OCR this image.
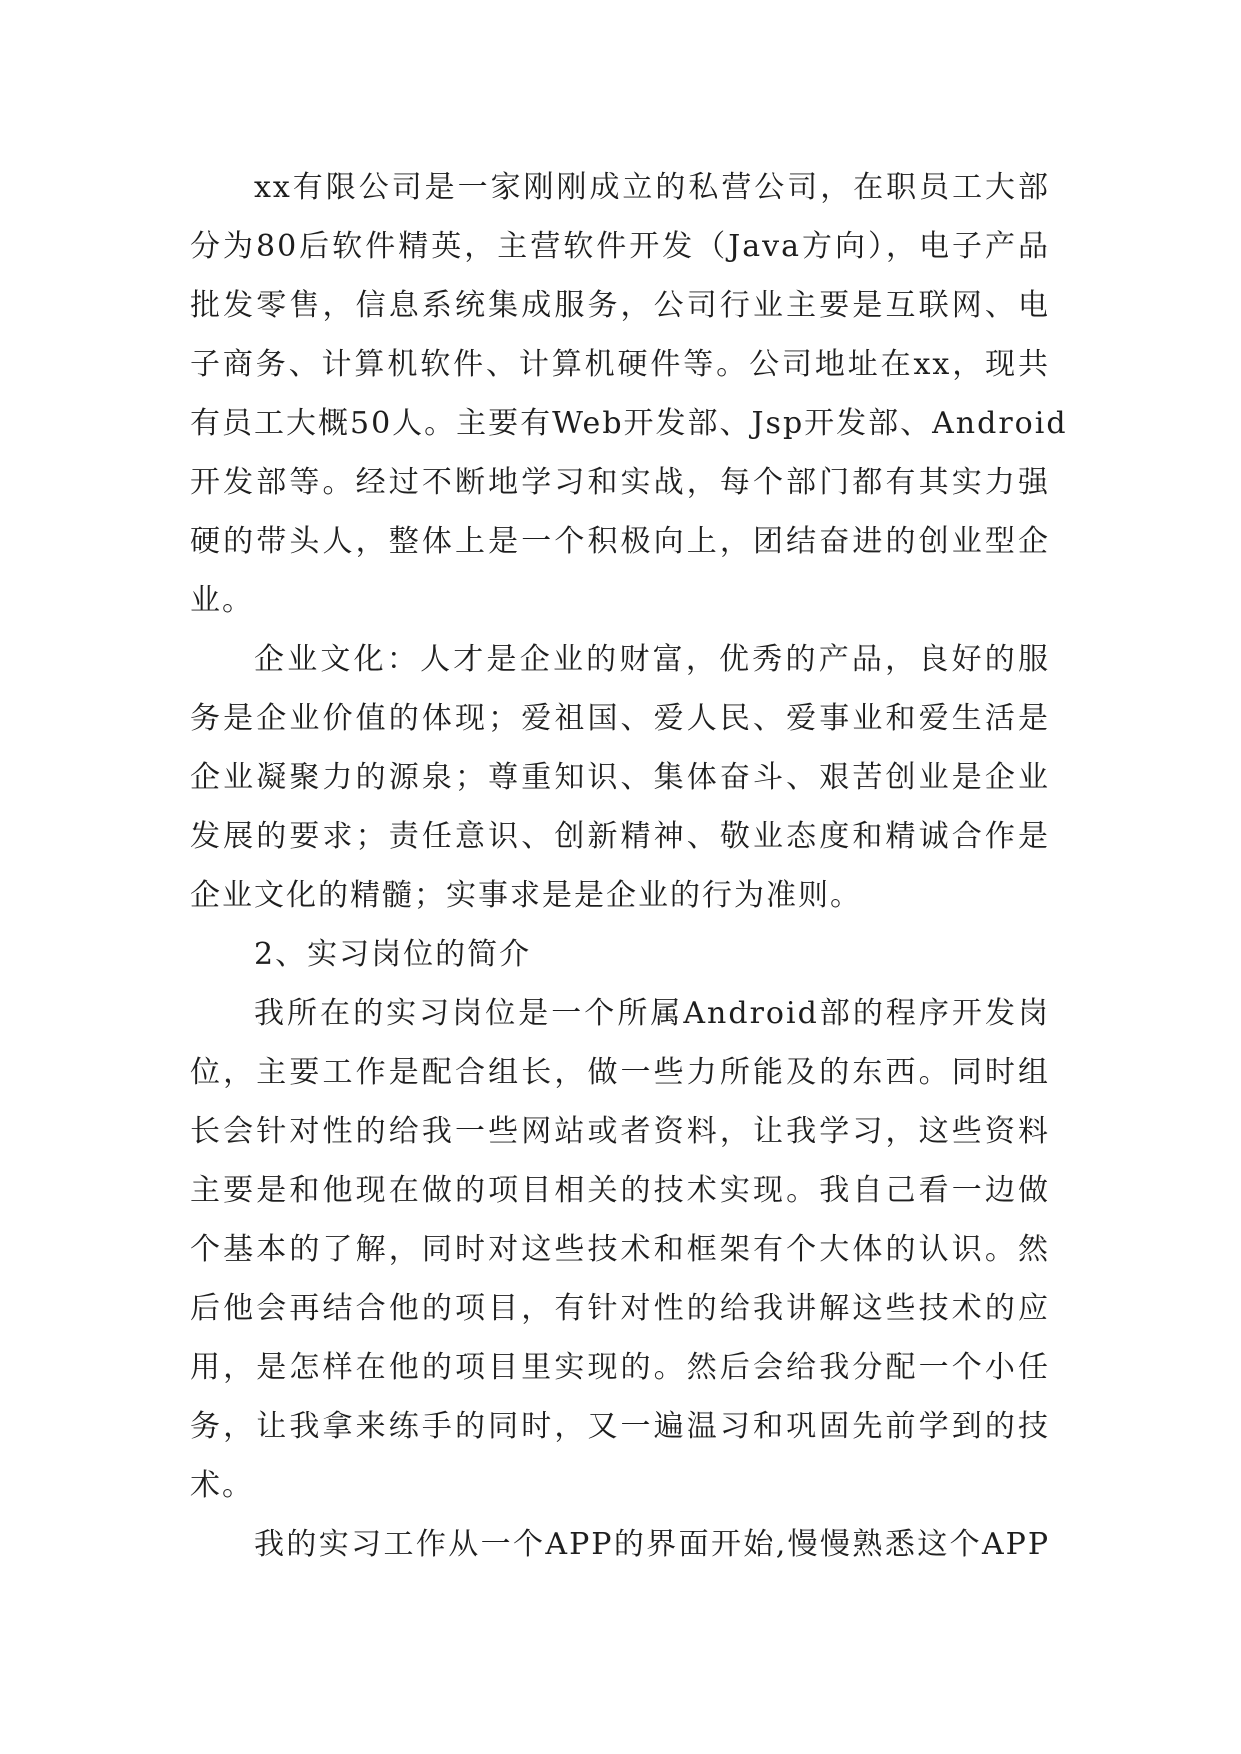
xx有限公司是一家刚刚成立的私营公司，在职员工大部
分为80后软件精英，主营软件开发（Java方向），电子产品
批发零售，信息系统集成服务，公司行业主要是互联网、电
子商务、计算机软件、计算机硬件等。公司地址在xx，现共
有员工大概50人。主要有Web开发部、Jsp开发部、Android
开发部等。经过不断地学习和实战，每个部门都有其实力强
硬的带头人，整体上是一个积极向上，团结奋进的创业型企
业。
企业文化：人才是企业的财富，优秀的产品，良好的服
务是企业价值的体现；爱祖国、爱人民、爱事业和爱生活是
企业凝聚力的源泉；尊重知识、集体奋斗、艰苦创业是企业
发展的要求；责任意识、创新精神、敬业态度和精诚合作是
企业文化的精髓；实事求是是企业的行为准则。
2、实习岗位的简介
我所在的实习岗位是一个所属Android部的程序开发岗
位，主要工作是配合组长，做一些力所能及的东西。同时组
长会针对性的给我一些网站或者资料，让我学习，这些资料
主要是和他现在做的项目相关的技术实现。我自己看一边做
个基本的了解，同时对这些技术和框架有个大体的认识。然
后他会再结合他的项目，有针对性的给我讲解这些技术的应
用，是怎样在他的项目里实现的。然后会给我分配一个小任
务，让我拿来练手的同时，又一遍温习和巩固先前学到的技
术。
我的实习工作从一个APP的界面开始,慢慢熟悉这个APP
